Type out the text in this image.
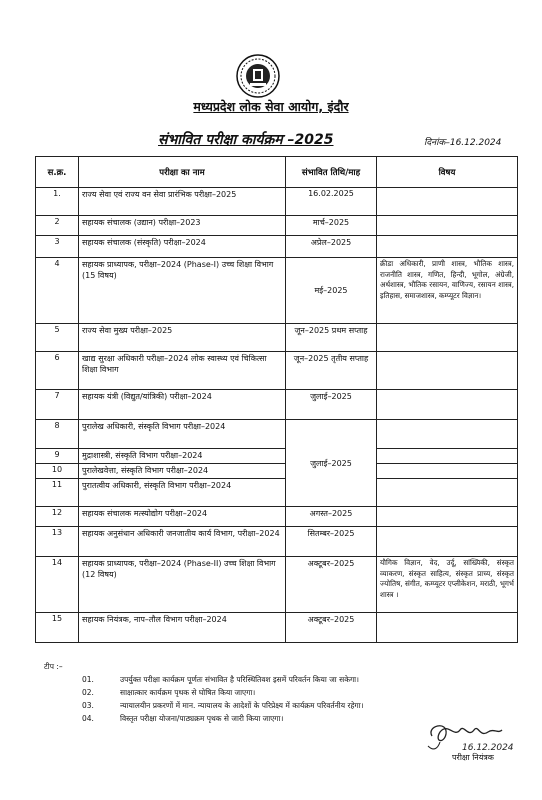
मध्यप्रदेश लोक सेवा आयोग, इंदौर
संभावित परीक्षा कार्यक्रम –2025	दिनांक–16.12.2024
स.क्र.	परीक्षा का नाम	संभावित तिथि/माह	विषय
1.	राज्य सेवा एवं राज्य वन सेवा प्रारंभिक परीक्षा–2025	16.02.2025	
2	सहायक संचालक (उद्यान) परीक्षा–2023	मार्च–2025	
3	सहायक संचालक (संस्कृति) परीक्षा–2024	अप्रेल–2025	
4	सहायक प्राध्यापक, परीक्षा–2024 (Phase-I) उच्च शिक्षा विभाग (15 विषय)	मई–2025	क्रीडा अधिकारी, प्राणी शास्त्र, भौतिक शास्त्र, राजनीति शास्त्र, गणित, हिन्दी, भूगोल, अंग्रेजी, अर्थशास्त्र, भौतिक रसायन, वाणिज्य, रसायन शास्त्र, इतिहास, समाजशास्त्र, कम्प्यूटर विज्ञान।
5	राज्य सेवा मुख्य परीक्षा–2025	जून–2025 प्रथम सप्ताह	
6	खाद्य सुरक्षा अधिकारी परीक्षा–2024 लोक स्वास्थ्य एवं चिकित्सा शिक्षा विभाग	जून–2025 तृतीय सप्ताह	
7	सहायक यंत्री (विद्युत/यांत्रिकी) परीक्षा–2024	जुलाई–2025	
8	पुरालेख अधिकारी, संस्कृति विभाग परीक्षा–2024	जुलाई–2025	
9	मुद्राशास्त्री, संस्कृति विभाग परीक्षा–2024		
10	पुरालेखवेत्ता, संस्कृति विभाग परीक्षा–2024		
11	पुरातत्वीय अधिकारी, संस्कृति विभाग परीक्षा–2024		
12	सहायक संचालक मत्स्योद्योग परीक्षा–2024	अगस्त–2025	
13	सहायक अनुसंधान अधिकारी जनजातीय कार्य विभाग, परीक्षा–2024	सितम्बर–2025	
14	सहायक प्राध्यापक, परीक्षा–2024 (Phase-II) उच्च शिक्षा विभाग (12 विषय)	अक्टूबर–2025	यौगिक विज्ञान, वेद, उर्दू, सांख्यिकी, संस्कृत व्याकरण, संस्कृत साहित्य, संस्कृत प्राच्य, संस्कृत ज्योतिष, संगीत, कम्प्यूटर एप्लीकेशन, मराठी, भूगर्भ शास्त्र ।
15	सहायक नियंत्रक, नाप–तौल विभाग परीक्षा–2024	अक्टूबर–2025	
टीप :–
01.	उपर्युक्त परीक्षा कार्यक्रम पूर्णतः संभावित है परिस्थितिवश इसमें परिवर्तन किया जा सकेगा।
02.	साक्षात्कार कार्यक्रम पृथक से घोषित किया जाएगा।
03.	न्यायालयीन प्रकरणों में मान. न्यायालय के आदेशों के परिप्रेक्ष्य में कार्यक्रम परिवर्तनीय रहेगा।
04.	विस्तृत परीक्षा योजना/पाठ्यक्रम पृथक से जारी किया जाएगा।
16.12.2024
परीक्षा नियंत्रक
